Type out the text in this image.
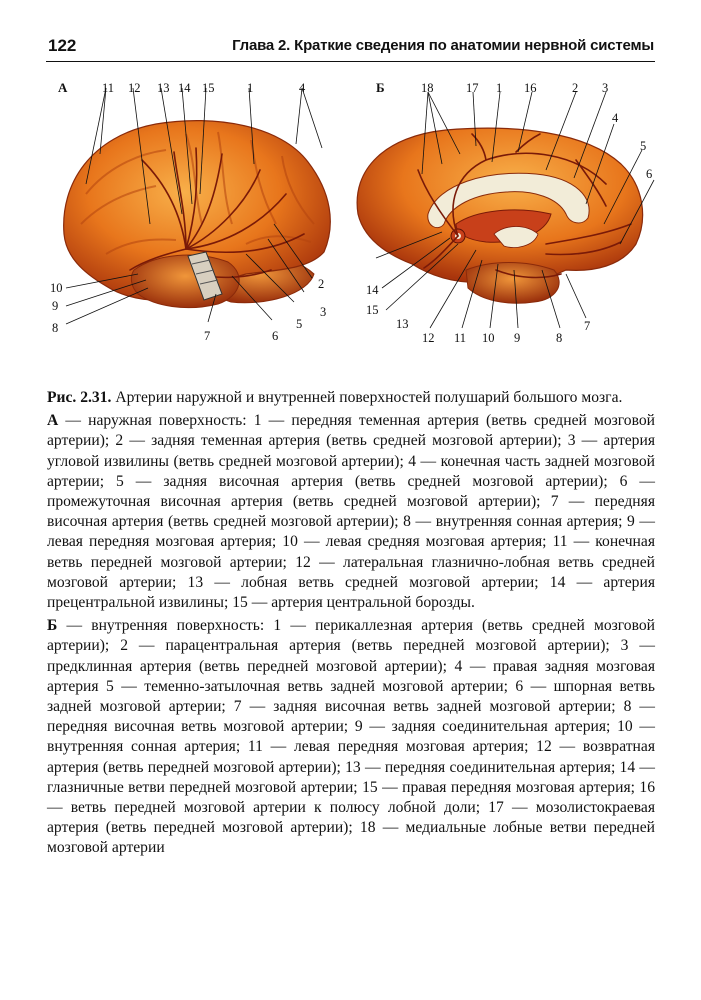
122	Глава 2. Краткие сведения по анатомии нервной системы
А	11 12 13 14 15	1	4
2
3
5
6
7
10
9
8
Б	18	17 1 16	2 3
4
5
6
7
8
9
10
11
12
13
15
14

Рис. 2.31. Артерии наружной и внутренней поверхностей полушарий большого мозга.

А — наружная поверхность: 1 — передняя теменная артерия (ветвь средней мозговой артерии); 2 — задняя теменная артерия (ветвь средней мозговой артерии); 3 — артерия угловой извилины (ветвь средней мозговой артерии); 4 — конечная часть задней мозговой артерии; 5 — задняя височная артерия (ветвь средней мозговой артерии); 6 — промежуточная височная артерия (ветвь средней мозговой артерии); 7 — передняя височная артерия (ветвь средней мозговой артерии); 8 — внутренняя сонная артерия; 9 — левая передняя мозговая артерия; 10 — левая средняя мозговая артерия; 11 — конечная ветвь передней мозговой артерии; 12 — латеральная глазнично-лобная ветвь средней мозговой артерии; 13 — лобная ветвь средней мозговой артерии; 14 — артерия прецентральной извилины; 15 — артерия центральной борозды.

Б — внутренняя поверхность: 1 — перикаллезная артерия (ветвь средней мозговой артерии); 2 — парацентральная артерия (ветвь передней мозговой артерии); 3 — предклинная артерия (ветвь передней мозговой артерии); 4 — правая задняя мозговая артерия 5 — теменно-затылочная ветвь задней мозговой артерии; 6 — шпорная ветвь задней мозговой артерии; 7 — задняя височная ветвь задней мозговой артерии; 8 — передняя височная ветвь мозговой артерии; 9 — задняя соединительная артерия; 10 — внутренняя сонная артерия; 11 — левая передняя мозговая артерия; 12 — возвратная артерия (ветвь передней мозговой артерии); 13 — передняя соединительная артерия; 14 — глазничные ветви передней мозговой артерии; 15 — правая передняя мозговая артерия; 16 — ветвь передней мозговой артерии к полюсу лобной доли; 17 — мозолистокраевая артерия (ветвь передней мозговой артерии); 18 — медиальные лобные ветви передней мозговой артерии
